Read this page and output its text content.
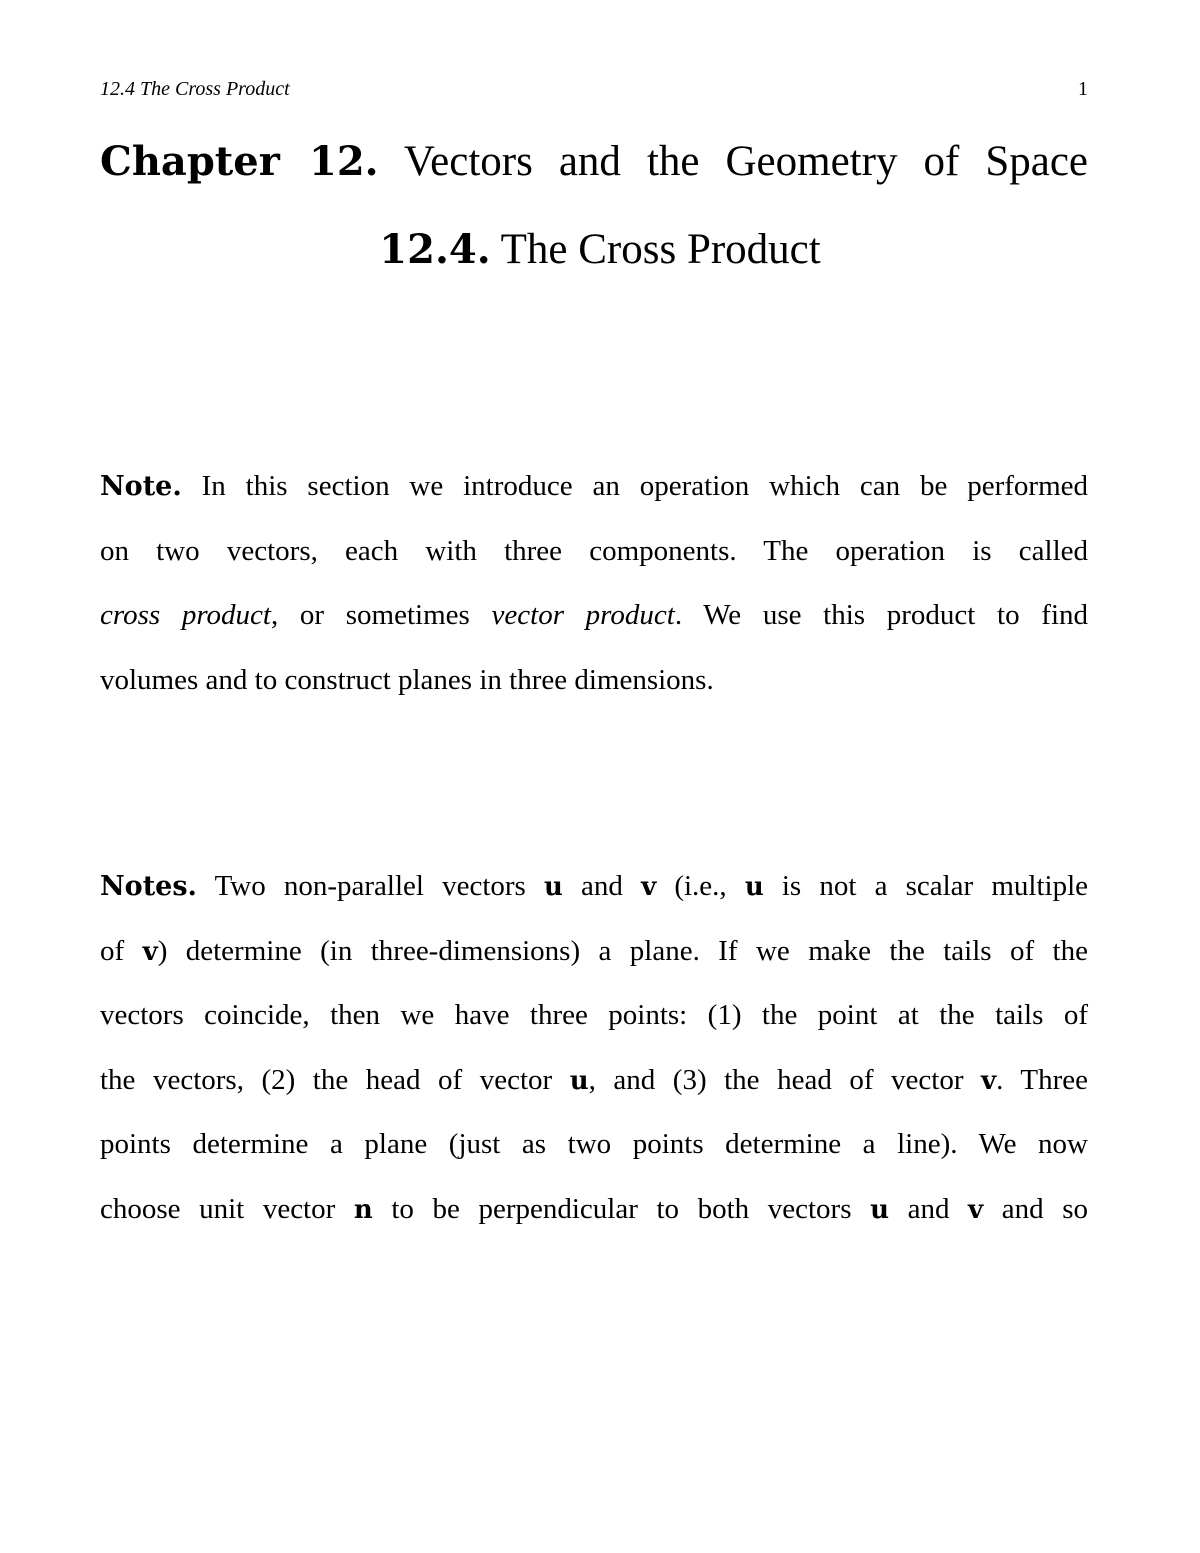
12.4 The Cross Product	1
Chapter 12. Vectors and the Geometry of Space
12.4. The Cross Product
Note. In this section we introduce an operation which can be performed
on two vectors, each with three components. The operation is called
cross product, or sometimes vector product. We use this product to find
volumes and to construct planes in three dimensions.
Notes. Two non-parallel vectors u and v (i.e., u is not a scalar multiple
of v) determine (in three-dimensions) a plane. If we make the tails of the
vectors coincide, then we have three points: (1) the point at the tails of
the vectors, (2) the head of vector u, and (3) the head of vector v. Three
points determine a plane (just as two points determine a line). We now
choose unit vector n to be perpendicular to both vectors u and v and so
